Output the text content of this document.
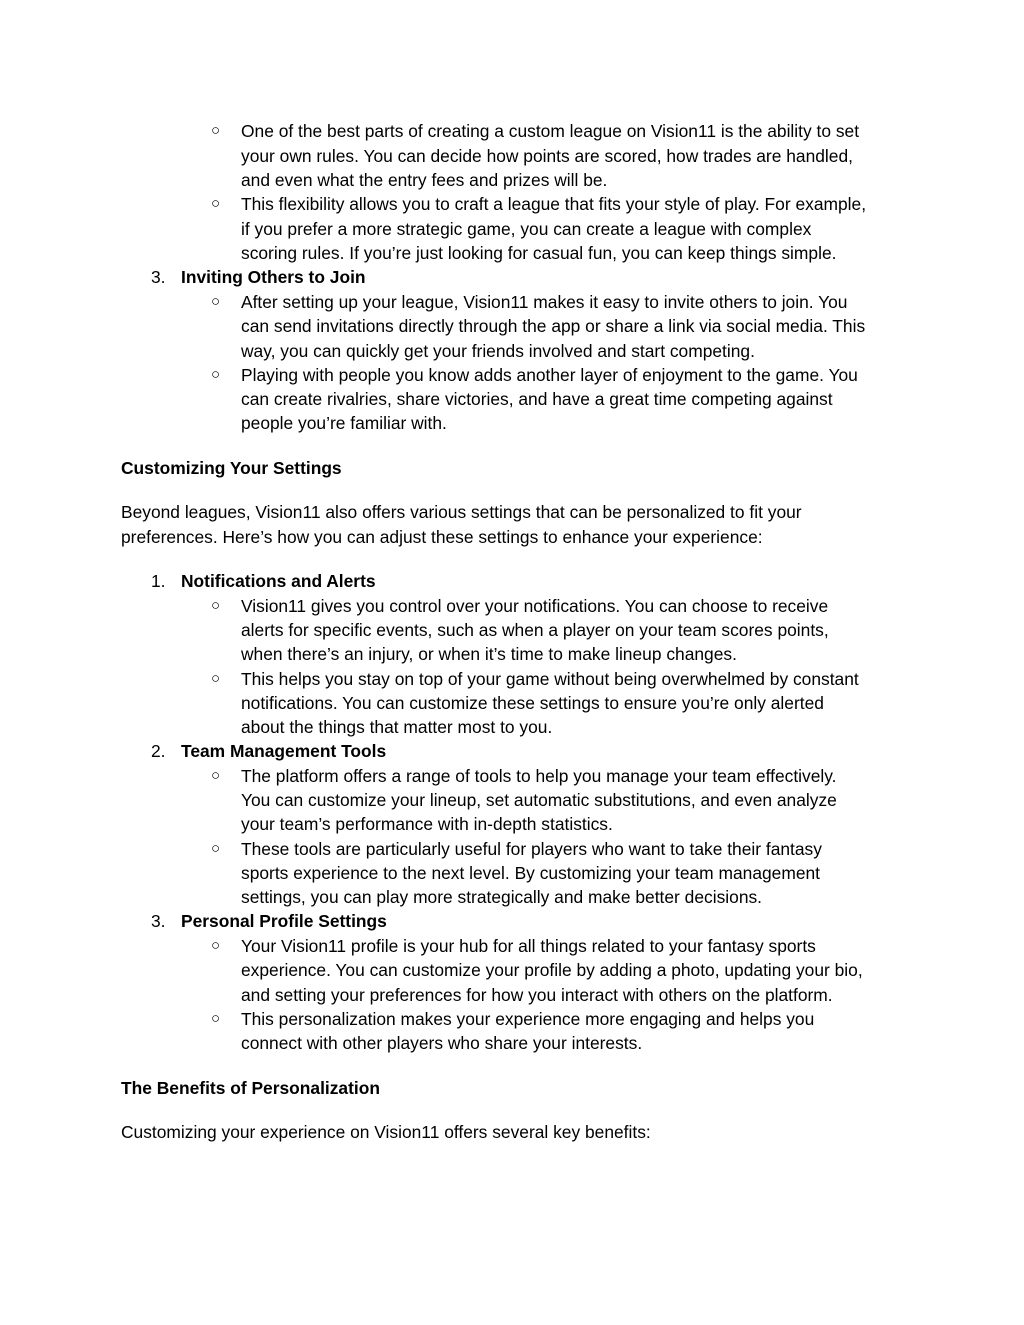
○ One of the best parts of creating a custom league on Vision11 is the ability to set
your own rules. You can decide how points are scored, how trades are handled,
and even what the entry fees and prizes will be.
○ This flexibility allows you to craft a league that fits your style of play. For example,
if you prefer a more strategic game, you can create a league with complex
scoring rules. If you’re just looking for casual fun, you can keep things simple.
3. Inviting Others to Join
○ After setting up your league, Vision11 makes it easy to invite others to join. You
can send invitations directly through the app or share a link via social media. This
way, you can quickly get your friends involved and start competing.
○ Playing with people you know adds another layer of enjoyment to the game. You
can create rivalries, share victories, and have a great time competing against
people you’re familiar with.
Customizing Your Settings
Beyond leagues, Vision11 also offers various settings that can be personalized to fit your
preferences. Here’s how you can adjust these settings to enhance your experience:
1. Notifications and Alerts
○ Vision11 gives you control over your notifications. You can choose to receive
alerts for specific events, such as when a player on your team scores points,
when there’s an injury, or when it’s time to make lineup changes.
○ This helps you stay on top of your game without being overwhelmed by constant
notifications. You can customize these settings to ensure you’re only alerted
about the things that matter most to you.
2. Team Management Tools
○ The platform offers a range of tools to help you manage your team effectively.
You can customize your lineup, set automatic substitutions, and even analyze
your team’s performance with in-depth statistics.
○ These tools are particularly useful for players who want to take their fantasy
sports experience to the next level. By customizing your team management
settings, you can play more strategically and make better decisions.
3. Personal Profile Settings
○ Your Vision11 profile is your hub for all things related to your fantasy sports
experience. You can customize your profile by adding a photo, updating your bio,
and setting your preferences for how you interact with others on the platform.
○ This personalization makes your experience more engaging and helps you
connect with other players who share your interests.
The Benefits of Personalization
Customizing your experience on Vision11 offers several key benefits:
